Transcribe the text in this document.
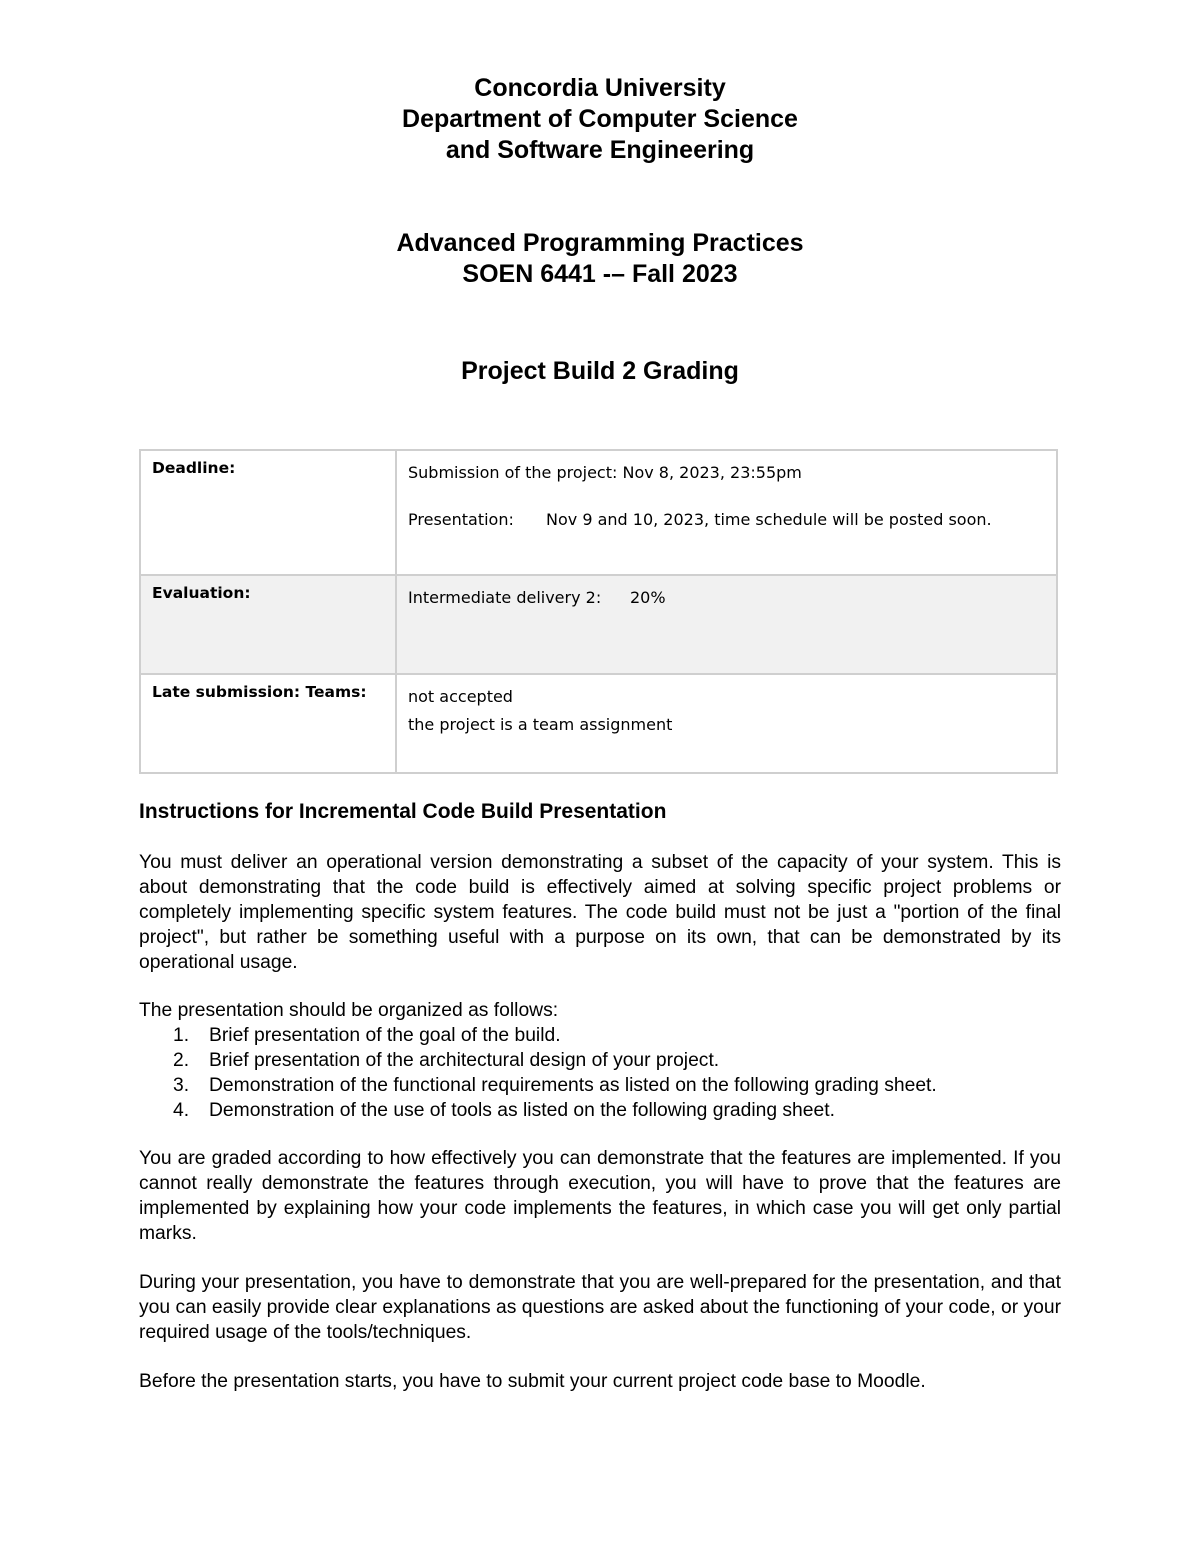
Concordia University
Department of Computer Science
and Software Engineering
Advanced Programming Practices
SOEN 6441 -– Fall 2023
Project Build 2 Grading
Deadline:	Submission of the project: Nov 8, 2023, 23:55pm
Presentation: Nov 9 and 10, 2023, time schedule will be posted soon.

Evaluation:	Intermediate delivery 2: 20%

Late submission: Teams:	not accepted
the project is a team assignment
Instructions for Incremental Code Build Presentation
You must deliver an operational version demonstrating a subset of the capacity of your system. This is about demonstrating that the code build is effectively aimed at solving specific project problems or completely implementing specific system features. The code build must not be just a "portion of the final project", but rather be something useful with a purpose on its own, that can be demonstrated by its operational usage.
The presentation should be organized as follows:
1. Brief presentation of the goal of the build.
2. Brief presentation of the architectural design of your project.
3. Demonstration of the functional requirements as listed on the following grading sheet.
4. Demonstration of the use of tools as listed on the following grading sheet.
You are graded according to how effectively you can demonstrate that the features are implemented. If you cannot really demonstrate the features through execution, you will have to prove that the features are implemented by explaining how your code implements the features, in which case you will get only partial marks.
During your presentation, you have to demonstrate that you are well-prepared for the presentation, and that you can easily provide clear explanations as questions are asked about the functioning of your code, or your required usage of the tools/techniques.
Before the presentation starts, you have to submit your current project code base to Moodle.
